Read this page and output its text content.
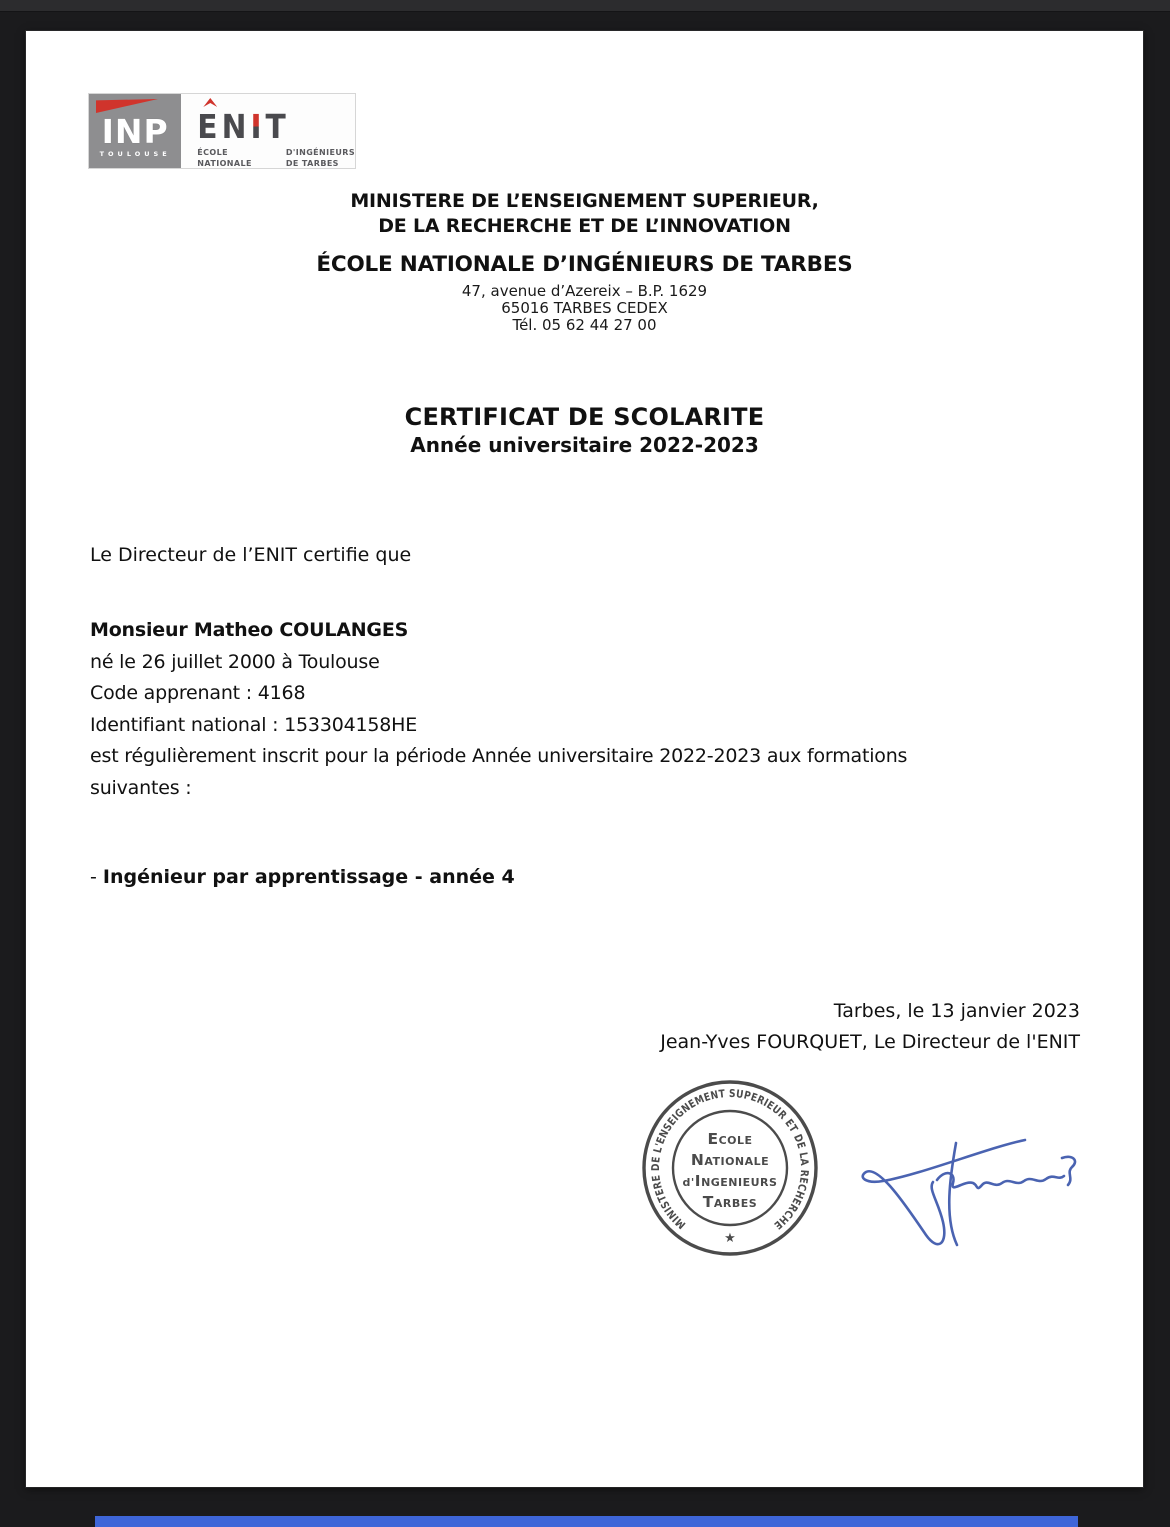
INP
TOULOUSE
E N I T
ÉCOLE
NATIONALE
D'INGÉNIEURS
DE TARBES
MINISTERE DE L’ENSEIGNEMENT SUPERIEUR,
DE LA RECHERCHE ET DE L’INNOVATION
ÉCOLE NATIONALE D’INGÉNIEURS DE TARBES
47, avenue d’Azereix – B.P. 1629
65016 TARBES CEDEX
Tél. 05 62 44 27 00
CERTIFICAT DE SCOLARITE
Année universitaire 2022-2023
Le Directeur de l’ENIT certifie que
Monsieur Matheo COULANGES
né le 26 juillet 2000 à Toulouse
Code apprenant : 4168
Identifiant national : 153304158HE
est régulièrement inscrit pour la période Année universitaire 2022-2023 aux formations
suivantes :
- Ingénieur par apprentissage - année 4
Tarbes, le 13 janvier 2023
Jean-Yves FOURQUET, Le Directeur de l'ENIT
MINISTERE DE L'ENSEIGNEMENT SUPERIEUR ET DE LA RECHERCHE
★
ECOLE
NATIONALE
d'INGENIEURS
TARBES
